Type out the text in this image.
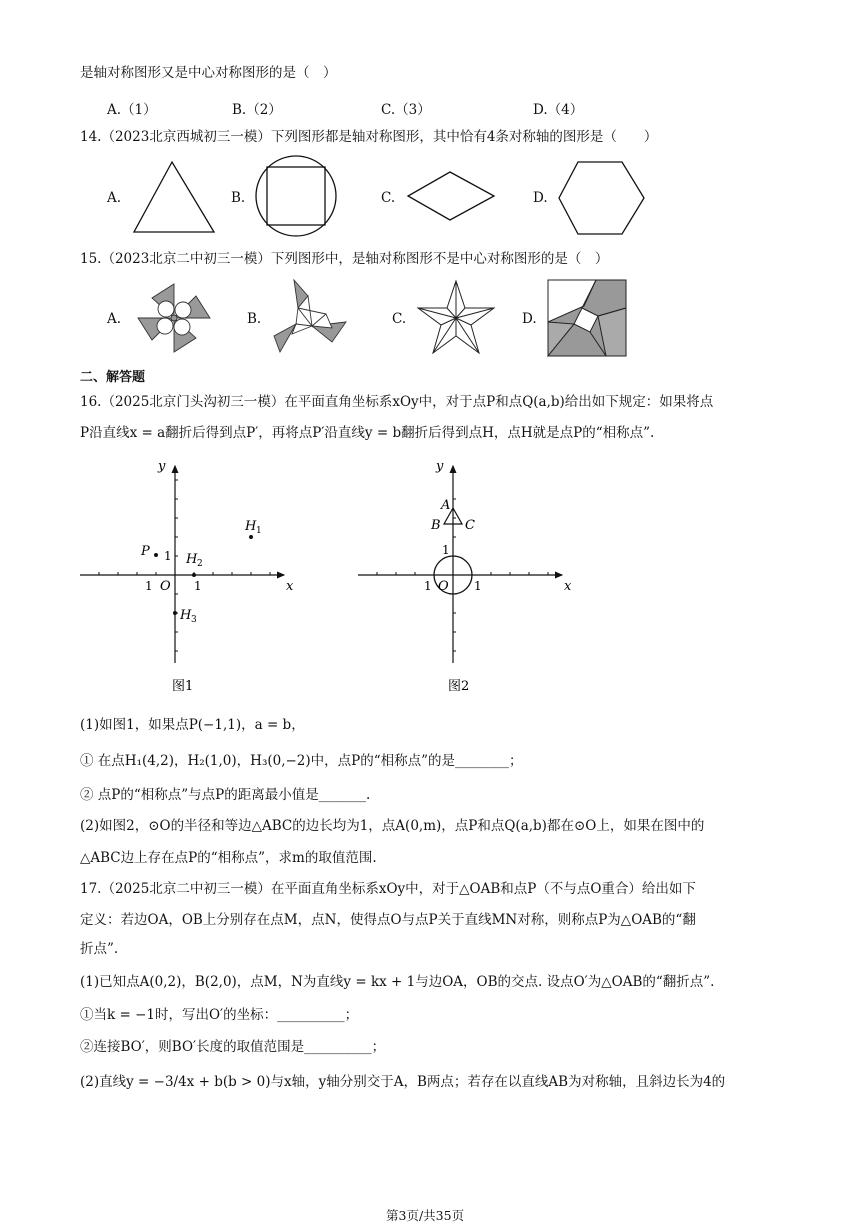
是轴对称图形又是中心对称图形的是（　）
A.（1）	B.（2）	C.（3）	D.（4）
14.（2023北京西城初三一模）下列图形都是轴对称图形，其中恰有4条对称轴的图形是（　　）
A.	B.	C.	D.
15.（2023北京二中初三一模）下列图形中，是轴对称图形不是中心对称图形的是（　）
A.	B.	C.	D.
二、解答题
16.（2025北京门头沟初三一模）在平面直角坐标系xOy中，对于点P和点Q(a,b)给出如下规定：如果将点
P沿直线x = a翻折后得到点P′，再将点P′沿直线y = b翻折后得到点H，点H就是点P的“相称点”.
x
y
O 1
1
1
P
H 1
H 2
H 3
图1
x
y
O 1
1
1
A
B C
图2
(1)如图1，如果点P(−1,1)，a = b，
① 在点H₁(4,2)，H₂(1,0)，H₃(0,−2)中，点P的“相称点”的是________；
② 点P的“相称点”与点P的距离最小值是_______.
(2)如图2，⊙O的半径和等边△ABC的边长均为1，点A(0,m)，点P和点Q(a,b)都在⊙O上，如果在图中的
△ABC边上存在点P的“相称点”，求m的取值范围.
17.（2025北京二中初三一模）在平面直角坐标系xOy中，对于△OAB和点P（不与点O重合）给出如下
定义：若边OA，OB上分别存在点M，点N，使得点O与点P关于直线MN对称，则称点P为△OAB的“翻
折点”.
(1)已知点A(0,2)，B(2,0)，点M，N为直线y = kx + 1与边OA，OB的交点. 设点O′为△OAB的“翻折点”.
①当k = −1时，写出O′的坐标：__________；
②连接BO′，则BO′长度的取值范围是__________；
(2)直线y = −3/4x + b(b > 0)与x轴，y轴分别交于A，B两点；若存在以直线AB为对称轴，且斜边长为4的
第3页/共35页
